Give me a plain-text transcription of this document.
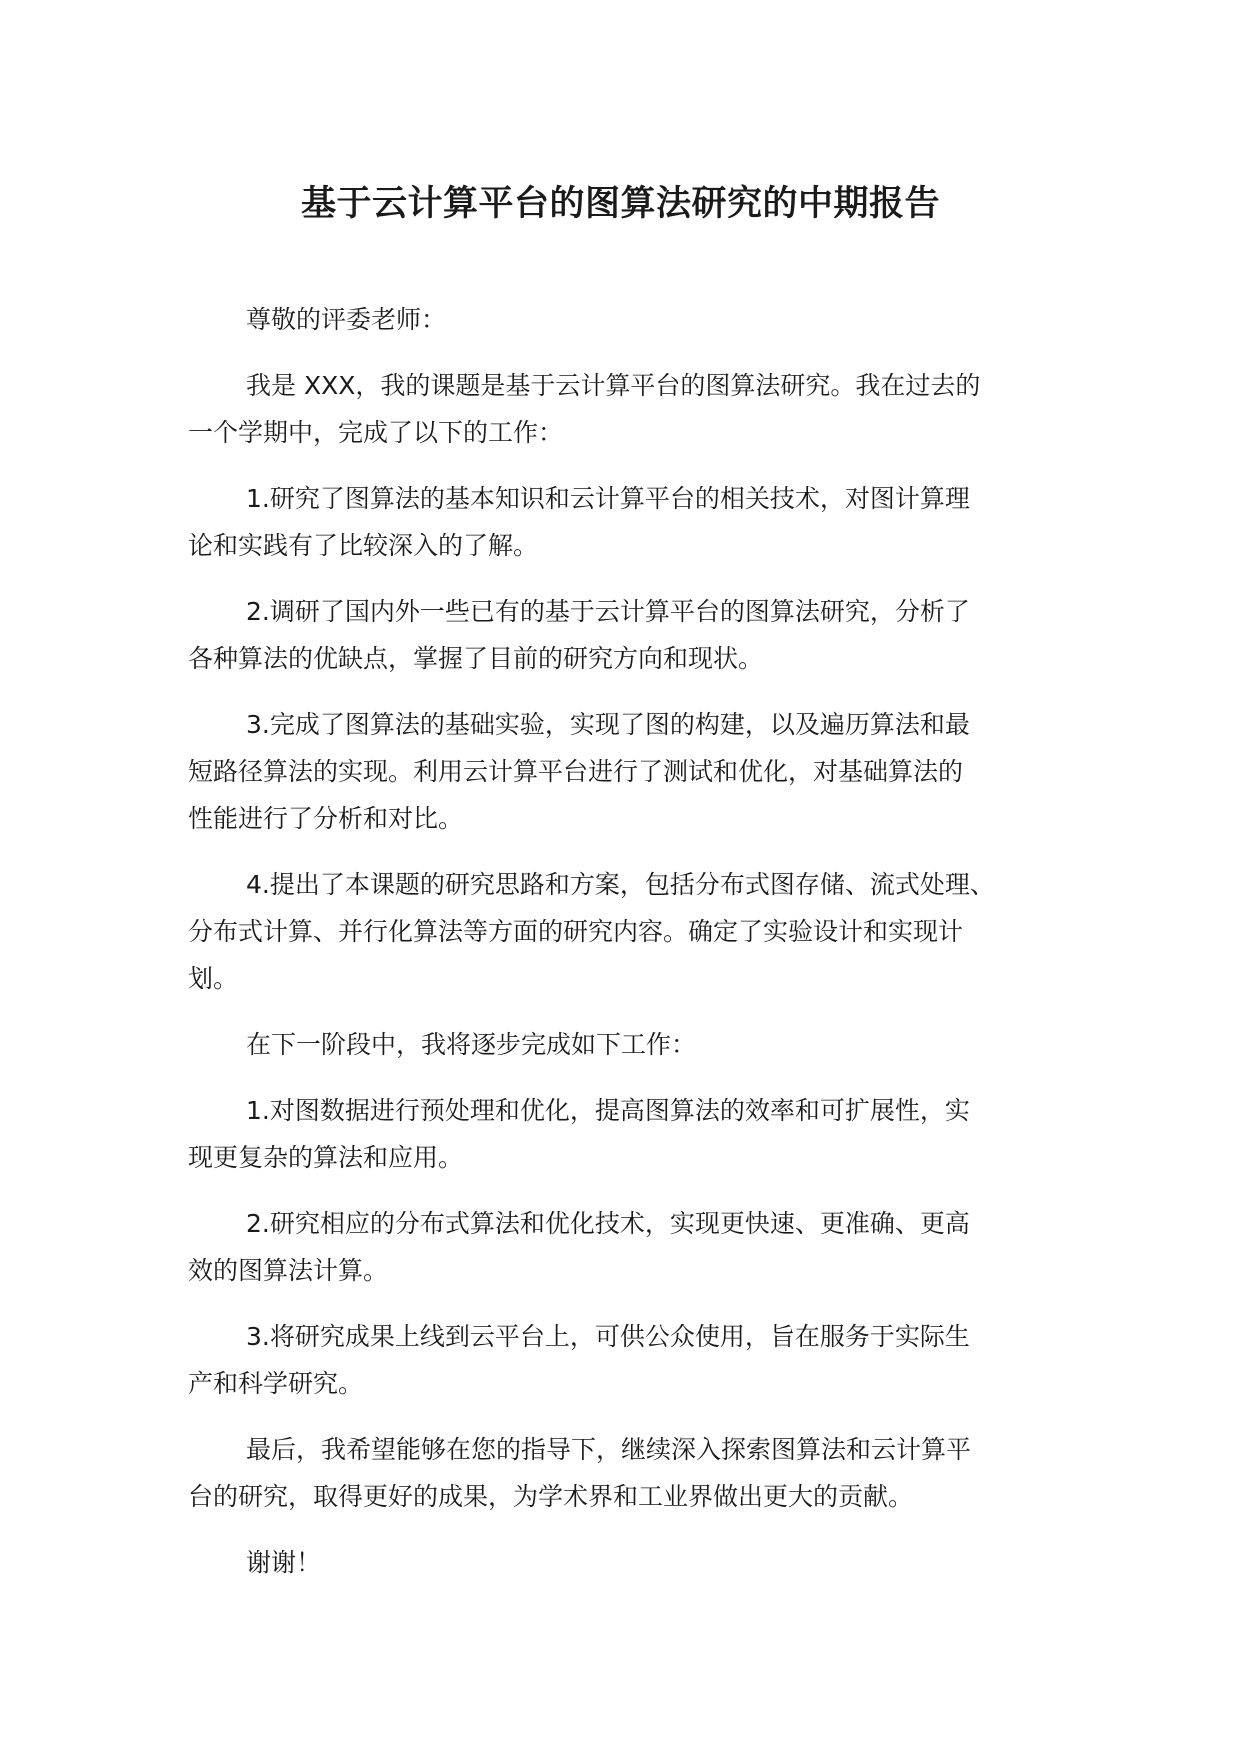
基于云计算平台的图算法研究的中期报告

尊敬的评委老师：

我是 XXX，我的课题是基于云计算平台的图算法研究。我在过去的
一个学期中，完成了以下的工作：

1.研究了图算法的基本知识和云计算平台的相关技术，对图计算理
论和实践有了比较深入的了解。

2.调研了国内外一些已有的基于云计算平台的图算法研究，分析了
各种算法的优缺点，掌握了目前的研究方向和现状。

3.完成了图算法的基础实验，实现了图的构建，以及遍历算法和最
短路径算法的实现。利用云计算平台进行了测试和优化，对基础算法的
性能进行了分析和对比。

4.提出了本课题的研究思路和方案，包括分布式图存储、流式处理、
分布式计算、并行化算法等方面的研究内容。确定了实验设计和实现计
划。

在下一阶段中，我将逐步完成如下工作：

1.对图数据进行预处理和优化，提高图算法的效率和可扩展性，实
现更复杂的算法和应用。

2.研究相应的分布式算法和优化技术，实现更快速、更准确、更高
效的图算法计算。

3.将研究成果上线到云平台上，可供公众使用，旨在服务于实际生
产和科学研究。

最后，我希望能够在您的指导下，继续深入探索图算法和云计算平
台的研究，取得更好的成果，为学术界和工业界做出更大的贡献。

谢谢！
